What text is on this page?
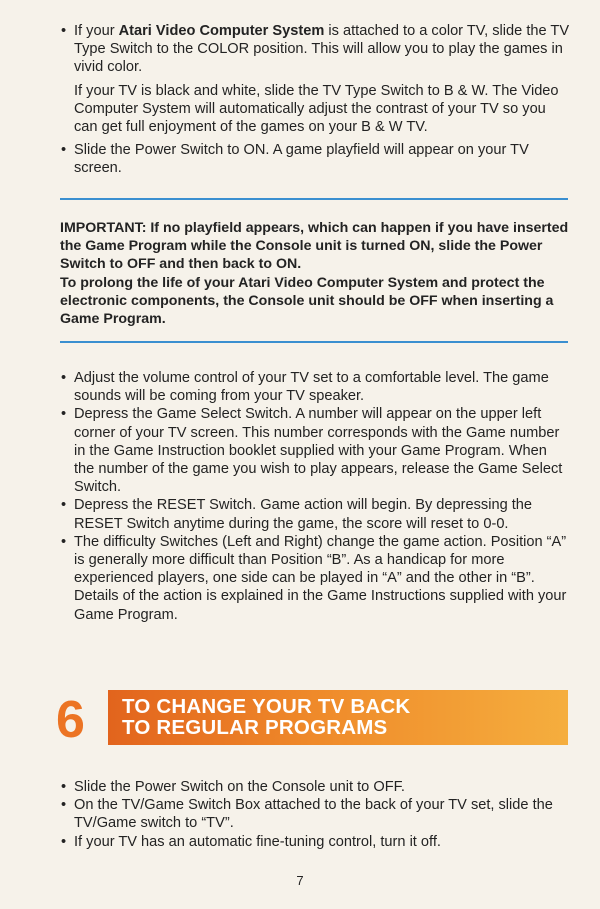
• If your Atari Video Computer System is attached to a color TV, slide the TV Type Switch to the COLOR position. This will allow you to play the games in vivid color.

If your TV is black and white, slide the TV Type Switch to B & W. The Video Computer System will automatically adjust the contrast of your TV so you can get full enjoyment of the games on your B & W TV.

• Slide the Power Switch to ON. A game playfield will appear on your TV screen.

IMPORTANT: If no playfield appears, which can happen if you have inserted the Game Program while the Console unit is turned ON, slide the Power Switch to OFF and then back to ON.

To prolong the life of your Atari Video Computer System and protect the electronic components, the Console unit should be OFF when inserting a Game Program.

• Adjust the volume control of your TV set to a comfortable level. The game sounds will be coming from your TV speaker.

• Depress the Game Select Switch. A number will appear on the upper left corner of your TV screen. This number corresponds with the Game number in the Game Instruction booklet supplied with your Game Program. When the number of the game you wish to play appears, release the Game Select Switch.

• Depress the RESET Switch. Game action will begin. By depressing the RESET Switch anytime during the game, the score will reset to 0-0.

• The difficulty Switches (Left and Right) change the game action. Position “A” is generally more difficult than Position “B”. As a handicap for more experienced players, one side can be played in “A” and the other in “B”. Details of the action is explained in the Game Instructions supplied with your Game Program.

6 TO CHANGE YOUR TV BACK
TO REGULAR PROGRAMS

• Slide the Power Switch on the Console unit to OFF.

• On the TV/Game Switch Box attached to the back of your TV set, slide the TV/Game switch to “TV”.

• If your TV has an automatic fine-tuning control, turn it off.

7
